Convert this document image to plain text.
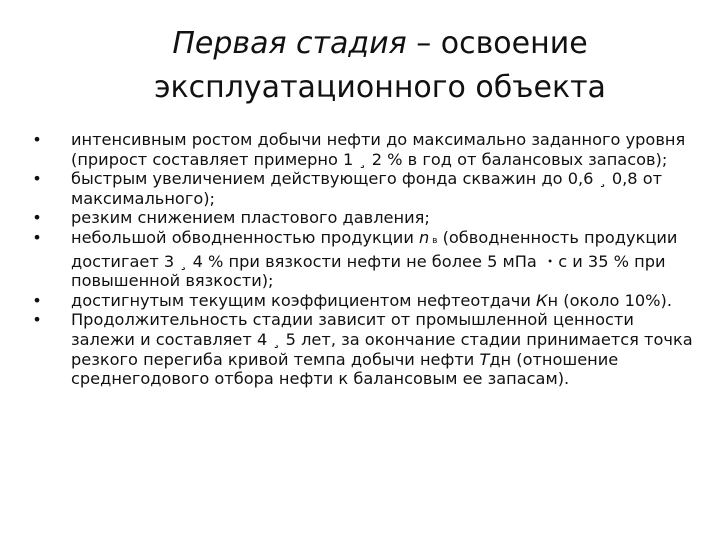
Первая стадия – освоение
эксплуатационного объекта
• интенсивным ростом добычи нефти до максимально заданного уровня (прирост составляет примерно 1 ¸ 2 % в год от балансовых запасов);
• быстрым увеличением действующего фонда скважин до 0,6 ¸ 0,8 от максимального);
• резким снижением пластового давления;
• небольшой обводненностью продукции n в (обводненность продукции достигает 3 ¸ 4 % при вязкости нефти не более 5 мПа ・с и 35 % при повышенной вязкости);
• достигнутым текущим коэффициентом нефтеотдачи Кн (около 10%).
• Продолжительность стадии зависит от промышленной ценности залежи и составляет 4 ¸ 5 лет, за окончание стадии принимается точка резкого перегиба кривой темпа добычи нефти Тдн (отношение среднегодового отбора нефти к балансовым ее запасам).
